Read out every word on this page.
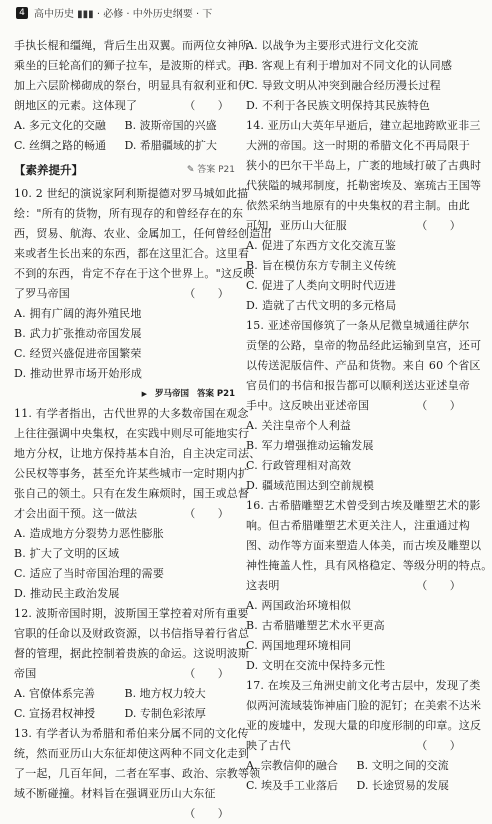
4 高中历史 ▮▮▮ · 必修 · 中外历史纲要 · 下
手执长棍和缰绳，背后生出双翼。而两位女神所
乘坐的巨轮高们的狮子拉车，是波斯的样式。再
加上六层阶梯砌成的祭台，明显具有叙利亚和伊
朗地区的元素。这体现了	（　　）
A. 多元文化的交融	B. 波斯帝国的兴盛
C. 丝绸之路的畅通	D. 希腊疆域的扩大
【素养提升】	✎ 答案 P21
10. 2 世纪的演说家阿利斯提德对罗马城如此描
绘："所有的货物，所有现存的和曾经存在的东
西，贸易、航海、农业、金属加工，任何曾经创造出
来或者生长出来的东西，都在这里汇合。这里看
不到的东西，肯定不存在于这个世界上。"这反映
了罗马帝国	（　　）
A. 拥有广阔的海外殖民地
B. 武力扩张推动帝国发展
C. 经贸兴盛促进帝国繁荣
D. 推动世界市场开始形成
▶ 罗马帝国 答案 P21
11. 有学者指出，古代世界的大多数帝国在观念
上往往强调中央集权，在实践中则尽可能地实行
地方分权，让地方保持基本自治，自主决定司法、
公民权等事务，甚至允许某些城市一定时期内扩
张自己的领土。只有在发生麻烦时，国王或总督
才会出面干预。这一做法	（　　）
A. 造成地方分裂势力恶性膨胀
B. 扩大了文明的区域
C. 适应了当时帝国治理的需要
D. 推动民主政治发展
12. 波斯帝国时期，波斯国王掌控着对所有重要
官职的任命以及财政资源，以书信指导着行省总
督的管理，据此控制着贵族的命运。这说明波斯
帝国	（　　）
A. 官僚体系完善	B. 地方权力较大
C. 宣扬君权神授	D. 专制色彩浓厚
13. 有学者认为希腊和希伯来分属不同的文化传
统，然而亚历山大东征却使这两种不同文化走到
了一起，几百年间，二者在军事、政治、宗教等领
域不断碰撞。材料旨在强调亚历山大东征
（　　）
A. 以战争为主要形式进行文化交流
B. 客观上有利于增加对不同文化的认同感
C. 导致文明从冲突到融合经历漫长过程
D. 不利于各民族文明保持其民族特色
14. 亚历山大英年早逝后，建立起地跨欧亚非三
大洲的帝国。这一时期的希腊文化不再局限于
狭小的巴尔干半岛上，广袤的地域打破了古典时
代狭隘的城邦制度，托勒密埃及、塞琉古王国等
依然采纳当地原有的中央集权的君主制。由此
可知，亚历山大征服	（　　）
A. 促进了东西方文化交流互鉴
B. 旨在模仿东方专制主义传统
C. 促进了人类向文明时代迈进
D. 造就了古代文明的多元格局
15. 亚述帝国修筑了一条从尼微皇城通往萨尔
贡堡的公路，皇帝的物品经此运输到皇宫，还可
以传送泥版信件、产品和货物。来自 60 个省区
官员们的书信和报告都可以顺利送达亚述皇帝
手中。这反映出亚述帝国	（　　）
A. 关注皇帝个人利益
B. 军力增强推动运输发展
C. 行政管理相对高效
D. 疆域范围达到空前规模
16. 古希腊雕塑艺术曾受到古埃及雕塑艺术的影
响。但古希腊雕塑艺术更关注人，注重通过构
图、动作等方面来塑造人体美，而古埃及雕塑以
神性掩盖人性，具有风格稳定、等级分明的特点。
这表明	（　　）
A. 两国政治环境相似
B. 古希腊雕塑艺术水平更高
C. 两国地理环境相同
D. 文明在交流中保持多元性
17. 在埃及三角洲史前文化考古层中，发现了类
似两河流域装饰神庙门脸的泥钉；在美索不达米
亚的废墟中，发现大量的印度形制的印章。这反
映了古代	（　　）
A. 宗教信仰的融合	B. 文明之间的交流
C. 埃及手工业落后	D. 长途贸易的发展
